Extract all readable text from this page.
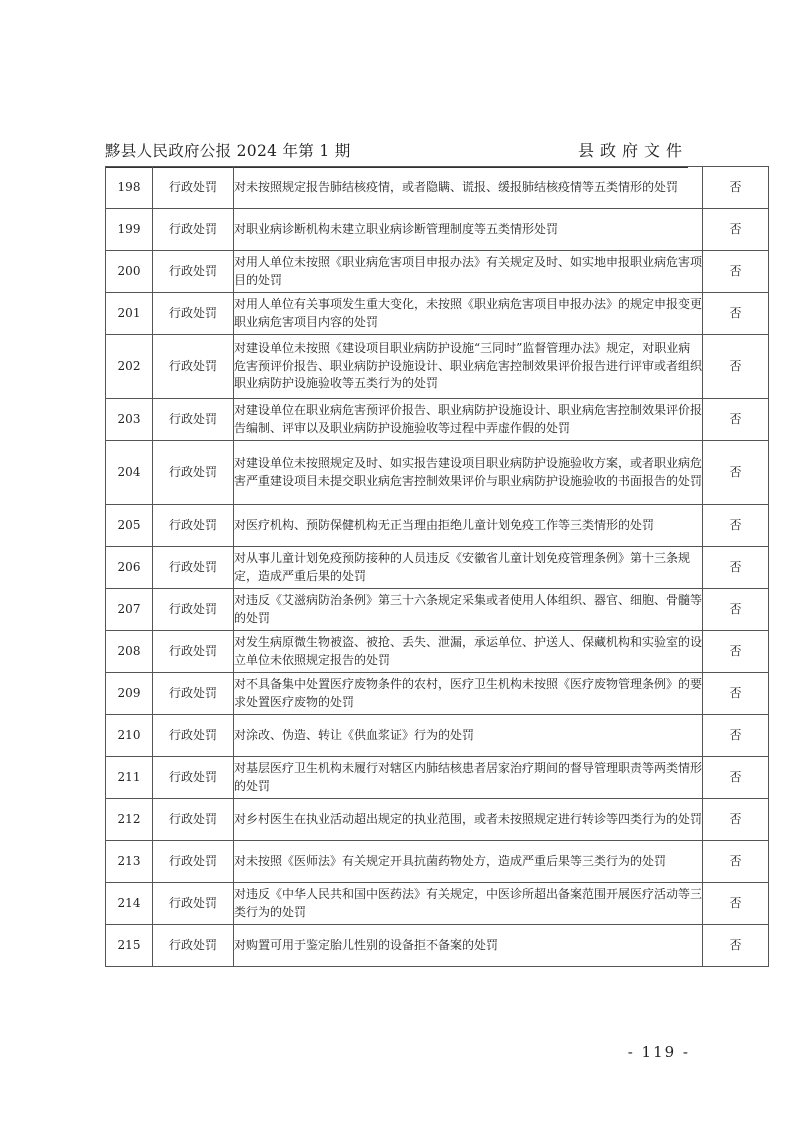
黟县人民政府公报 2024 年第 1 期	县政府文件
198	行政处罚	对未按照规定报告肺结核疫情，或者隐瞒、谎报、缓报肺结核疫情等五类情形的处罚	否
199	行政处罚	对职业病诊断机构未建立职业病诊断管理制度等五类情形处罚	否
200	行政处罚	对用人单位未按照《职业病危害项目申报办法》有关规定及时、如实地申报职业病危害项目的处罚	否
201	行政处罚	对用人单位有关事项发生重大变化，未按照《职业病危害项目申报办法》的规定申报变更职业病危害项目内容的处罚	否
202	行政处罚	对建设单位未按照《建设项目职业病防护设施“三同时”监督管理办法》规定，对职业病危害预评价报告、职业病防护设施设计、职业病危害控制效果评价报告进行评审或者组织职业病防护设施验收等五类行为的处罚	否
203	行政处罚	对建设单位在职业病危害预评价报告、职业病防护设施设计、职业病危害控制效果评价报告编制、评审以及职业病防护设施验收等过程中弄虚作假的处罚	否
204	行政处罚	对建设单位未按照规定及时、如实报告建设项目职业病防护设施验收方案，或者职业病危害严重建设项目未提交职业病危害控制效果评价与职业病防护设施验收的书面报告的处罚	否
205	行政处罚	对医疗机构、预防保健机构无正当理由拒绝儿童计划免疫工作等三类情形的处罚	否
206	行政处罚	对从事儿童计划免疫预防接种的人员违反《安徽省儿童计划免疫管理条例》第十三条规定，造成严重后果的处罚	否
207	行政处罚	对违反《艾滋病防治条例》第三十六条规定采集或者使用人体组织、器官、细胞、骨髓等的处罚	否
208	行政处罚	对发生病原微生物被盗、被抢、丢失、泄漏，承运单位、护送人、保藏机构和实验室的设立单位未依照规定报告的处罚	否
209	行政处罚	对不具备集中处置医疗废物条件的农村，医疗卫生机构未按照《医疗废物管理条例》的要求处置医疗废物的处罚	否
210	行政处罚	对涂改、伪造、转让《供血浆证》行为的处罚	否
211	行政处罚	对基层医疗卫生机构未履行对辖区内肺结核患者居家治疗期间的督导管理职责等两类情形的处罚	否
212	行政处罚	对乡村医生在执业活动超出规定的执业范围，或者未按照规定进行转诊等四类行为的处罚	否
213	行政处罚	对未按照《医师法》有关规定开具抗菌药物处方，造成严重后果等三类行为的处罚	否
214	行政处罚	对违反《中华人民共和国中医药法》有关规定，中医诊所超出备案范围开展医疗活动等三类行为的处罚	否
215	行政处罚	对购置可用于鉴定胎儿性别的设备拒不备案的处罚	否
- 119 -
